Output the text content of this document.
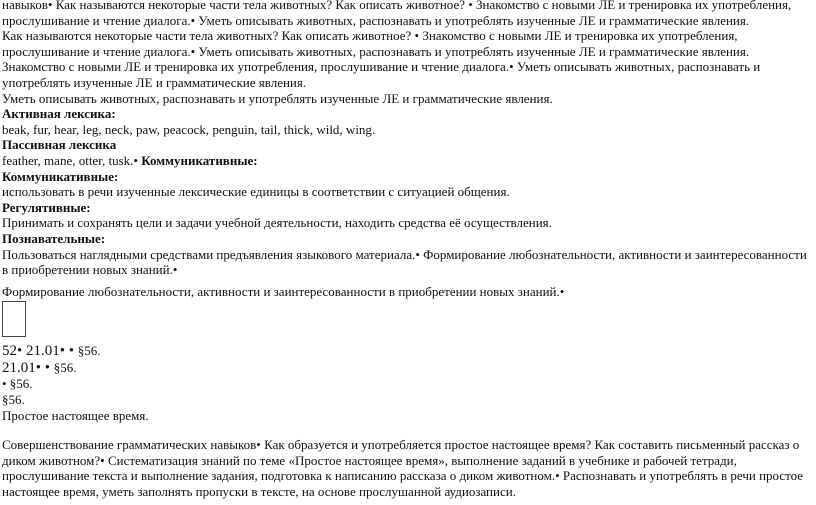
навыков• Как называются некоторые части тела животных? Как описать животное? • Знакомство с новыми ЛЕ и тренировка их употребления, прослушивание и чтение диалога.• Уметь описывать животных, распознавать и употреблять изученные ЛЕ и грамматические явления.

Как называются некоторые части тела животных? Как описать животное? • Знакомство с новыми ЛЕ и тренировка их употребления, прослушивание и чтение диалога.• Уметь описывать животных, распознавать и употреблять изученные ЛЕ и грамматические явления.

Знакомство с новыми ЛЕ и тренировка их употребления, прослушивание и чтение диалога.• Уметь описывать животных, распознавать и употреблять изученные ЛЕ и грамматические явления.

Уметь описывать животных, распознавать и употреблять изученные ЛЕ и грамматические явления.

Активная лексика:

beak, fur, hear, leg, neck, paw, peacock, penguin, tail, thick, wild, wing.

Пассивная лексика

feather, mane, otter, tusk.• Коммуникативные:

Коммуникативные:

использовать в речи изученные лексические единицы в соответствии с ситуацией общения.

Регулятивные:

Принимать и сохранять цели и задачи учебной деятельности, находить средства её осуществления.

Познавательные:

Пользоваться наглядными средствами предъявления языкового материала.• Формирование любознательности, активности и заинтересованности в приобретении новых знаний.•

Формирование любознательности, активности и заинтересованности в приобретении новых знаний.•

52• 21.01• • §56.

21.01• • §56.

• §56.

§56.

Простое настоящее время.

Совершенствование грамматических навыков• Как образуется и употребляется простое настоящее время? Как составить письменный рассказ о диком животном?• Систематизация знаний по теме «Простое настоящее время», выполнение заданий в учебнике и рабочей тетради, прослушивание текста и выполнение задания, подготовка к написанию рассказа о диком животном.• Распознавать и употреблять в речи простое настоящее время, уметь заполнять пропуски в тексте, на основе прослушанной аудиозаписи.
